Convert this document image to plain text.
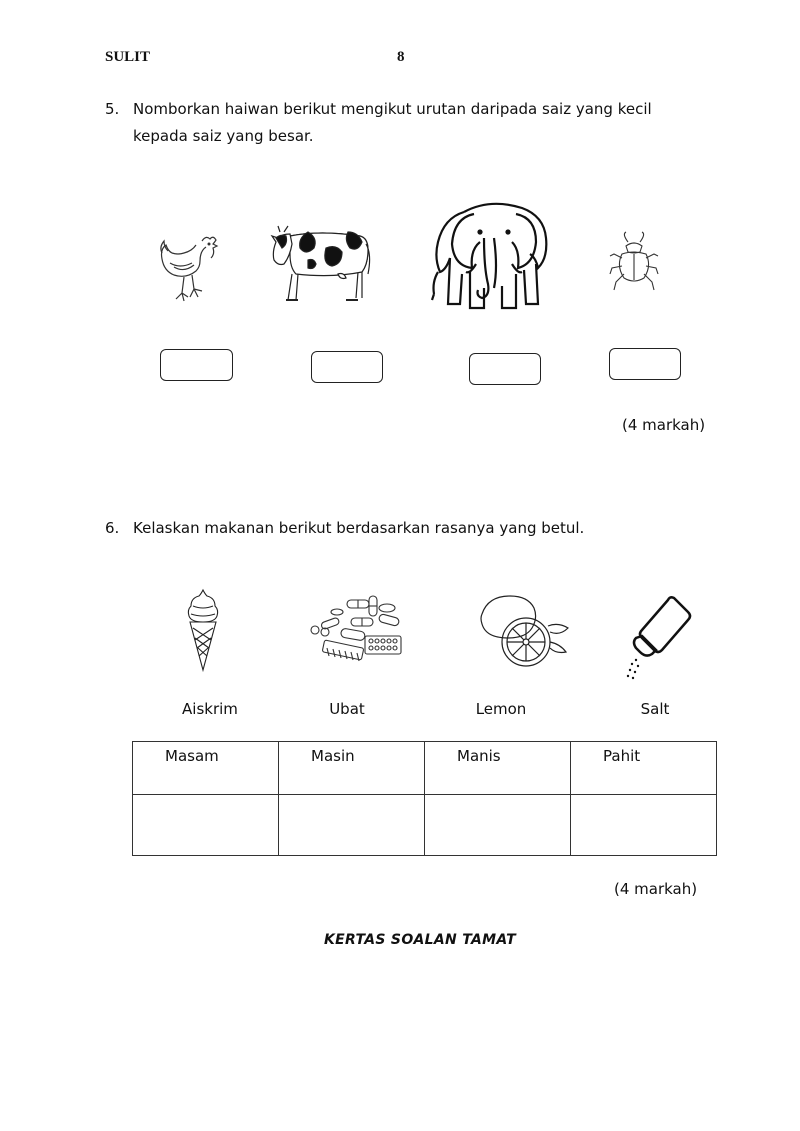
SULIT	8
5. Nomborkan haiwan berikut mengikut urutan daripada saiz yang kecil
kepada saiz yang besar.
(4 markah)
6. Kelaskan makanan berikut berdasarkan rasanya yang betul.
Aiskrim	Ubat	Lemon	Salt
Masam	Masin	Manis	Pahit

(4 markah)
KERTAS SOALAN TAMAT
